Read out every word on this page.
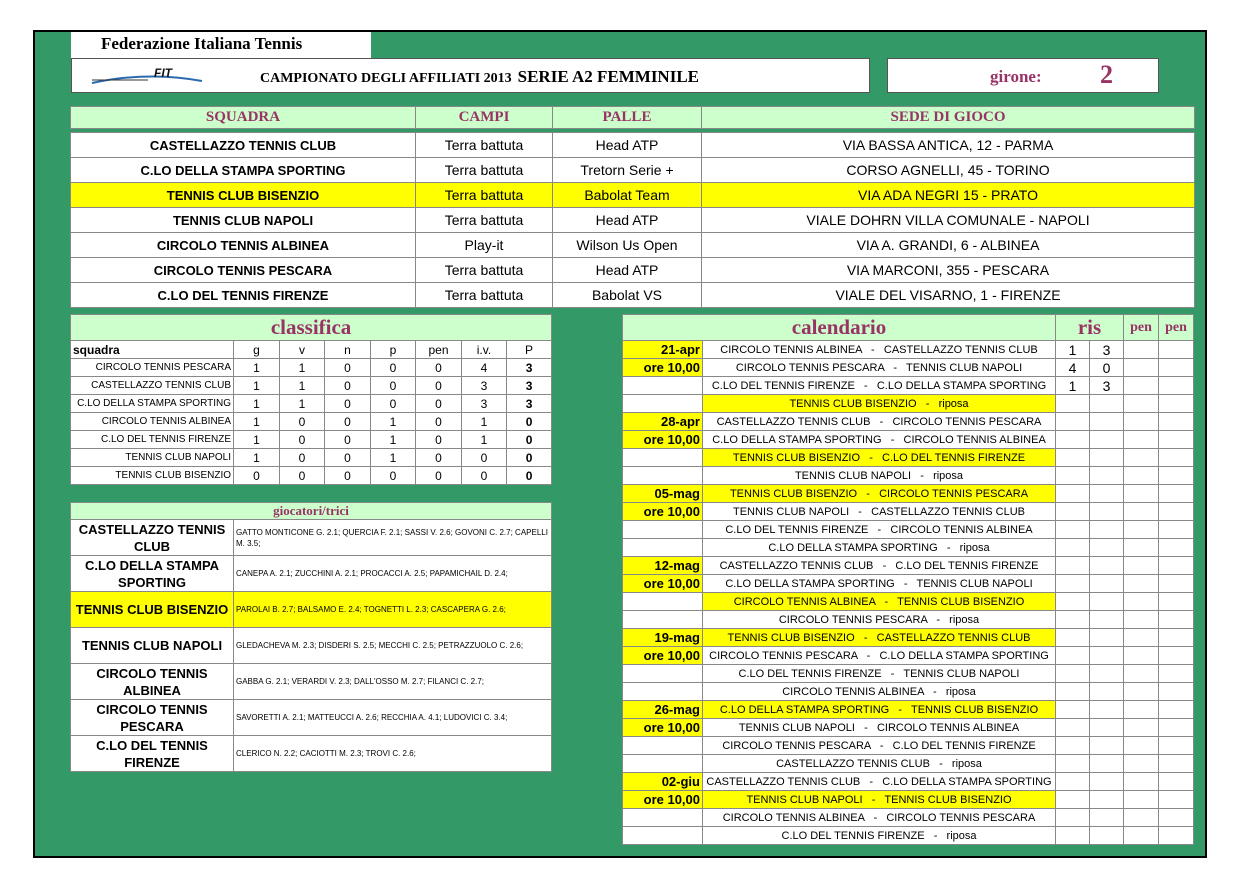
Federazione Italiana Tennis
FIT	CAMPIONATO DEGLI AFFILIATI 2013 SERIE A2 FEMMINILE	girone: 2
SQUADRA	CAMPI	PALLE	SEDE DI GIOCO

CASTELLAZZO TENNIS CLUB	Terra battuta	Head ATP	VIA BASSA ANTICA, 12 - PARMA
C.LO DELLA STAMPA SPORTING	Terra battuta	Tretorn Serie +	CORSO AGNELLI, 45 - TORINO
TENNIS CLUB BISENZIO	Terra battuta	Babolat Team	VIA ADA NEGRI 15 - PRATO
TENNIS CLUB NAPOLI	Terra battuta	Head ATP	VIALE DOHRN VILLA COMUNALE - NAPOLI
CIRCOLO TENNIS ALBINEA	Play-it	Wilson Us Open	VIA A. GRANDI, 6 - ALBINEA
CIRCOLO TENNIS PESCARA	Terra battuta	Head ATP	VIA MARCONI, 355 - PESCARA
C.LO DEL TENNIS FIRENZE	Terra battuta	Babolat VS	VIALE DEL VISARNO, 1 - FIRENZE
classifica							
squadra	g	v	n	p	pen	i.v.	P
CIRCOLO TENNIS PESCARA	1	1	0	0	0	4	3
CASTELLAZZO TENNIS CLUB	1	1	0	0	0	3	3
C.LO DELLA STAMPA SPORTING	1	1	0	0	0	3	3
CIRCOLO TENNIS ALBINEA	1	0	0	1	0	1	0
C.LO DEL TENNIS FIRENZE	1	0	0	1	0	1	0
TENNIS CLUB NAPOLI	1	0	0	1	0	0	0
TENNIS CLUB BISENZIO	0	0	0	0	0	0	0
giocatori/trici	
CASTELLAZZO TENNIS CLUB	GATTO MONTICONE G. 2.1; QUERCIA F. 2.1; SASSI V. 2.6; GOVONI C. 2.7; CAPELLI M. 3.5;
C.LO DELLA STAMPA SPORTING	CANEPA A. 2.1; ZUCCHINI A. 2.1; PROCACCI A. 2.5; PAPAMICHAIL D. 2.4;
TENNIS CLUB BISENZIO	PAROLAI B. 2.7; BALSAMO E. 2.4; TOGNETTI L. 2.3; CASCAPERA G. 2.6;
TENNIS CLUB NAPOLI	GLEDACHEVA M. 2.3; DISDERI S. 2.5; MECCHI C. 2.5; PETRAZZUOLO C. 2.6;
CIRCOLO TENNIS ALBINEA	GABBA G. 2.1; VERARDI V. 2.3; DALL'OSSO M. 2.7; FILANCI C. 2.7;
CIRCOLO TENNIS PESCARA	SAVORETTI A. 2.1; MATTEUCCI A. 2.6; RECCHIA A. 4.1; LUDOVICI C. 3.4;
C.LO DEL TENNIS FIRENZE	CLERICO N. 2.2; CACIOTTI M. 2.3; TROVI C. 2.6;
calendario		ris		pen	pen
21-apr	CIRCOLO TENNIS ALBINEA   -   CASTELLAZZO TENNIS CLUB	1	3		
ore 10,00	CIRCOLO TENNIS PESCARA   -   TENNIS CLUB NAPOLI	4	0		
	C.LO DEL TENNIS FIRENZE   -   C.LO DELLA STAMPA SPORTING	1	3		
	TENNIS CLUB BISENZIO   -   riposa				
28-apr	CASTELLAZZO TENNIS CLUB   -   CIRCOLO TENNIS PESCARA				
ore 10,00	C.LO DELLA STAMPA SPORTING   -   CIRCOLO TENNIS ALBINEA				
	TENNIS CLUB BISENZIO   -   C.LO DEL TENNIS FIRENZE				
	TENNIS CLUB NAPOLI   -   riposa				
05-mag	TENNIS CLUB BISENZIO   -   CIRCOLO TENNIS PESCARA				
ore 10,00	TENNIS CLUB NAPOLI   -   CASTELLAZZO TENNIS CLUB				
	C.LO DEL TENNIS FIRENZE   -   CIRCOLO TENNIS ALBINEA				
	C.LO DELLA STAMPA SPORTING   -   riposa				
12-mag	CASTELLAZZO TENNIS CLUB   -   C.LO DEL TENNIS FIRENZE				
ore 10,00	C.LO DELLA STAMPA SPORTING   -   TENNIS CLUB NAPOLI				
	CIRCOLO TENNIS ALBINEA   -   TENNIS CLUB BISENZIO				
	CIRCOLO TENNIS PESCARA   -   riposa				
19-mag	TENNIS CLUB BISENZIO   -   CASTELLAZZO TENNIS CLUB				
ore 10,00	CIRCOLO TENNIS PESCARA   -   C.LO DELLA STAMPA SPORTING				
	C.LO DEL TENNIS FIRENZE   -   TENNIS CLUB NAPOLI				
	CIRCOLO TENNIS ALBINEA   -   riposa				
26-mag	C.LO DELLA STAMPA SPORTING   -   TENNIS CLUB BISENZIO				
ore 10,00	TENNIS CLUB NAPOLI   -   CIRCOLO TENNIS ALBINEA				
	CIRCOLO TENNIS PESCARA   -   C.LO DEL TENNIS FIRENZE				
	CASTELLAZZO TENNIS CLUB   -   riposa				
02-giu	CASTELLAZZO TENNIS CLUB   -   C.LO DELLA STAMPA SPORTING				
ore 10,00	TENNIS CLUB NAPOLI   -   TENNIS CLUB BISENZIO				
	CIRCOLO TENNIS ALBINEA   -   CIRCOLO TENNIS PESCARA				
	C.LO DEL TENNIS FIRENZE   -   riposa				
